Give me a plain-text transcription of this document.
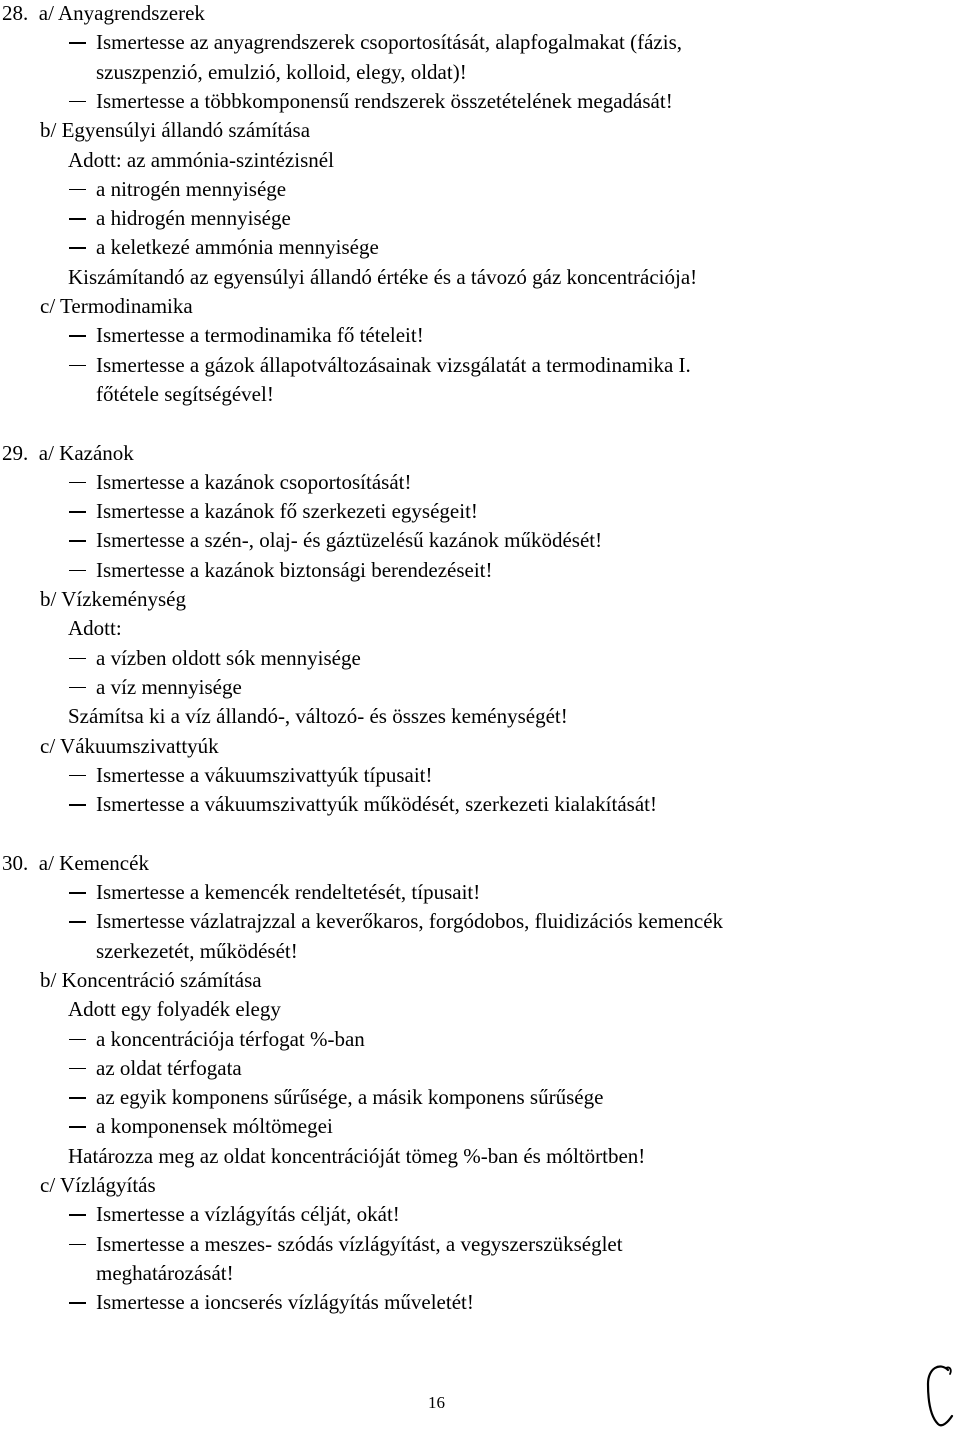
28.  a/ Anyagrendszerek
Ismertesse az anyagrendszerek csoportosítását, alapfogalmakat (fázis,
szuszpenzió, emulzió, kolloid, elegy, oldat)!
Ismertesse a többkomponensű rendszerek összetételének megadását!
b/ Egyensúlyi állandó számítása
Adott: az ammónia-szintézisnél
a nitrogén mennyisége
a hidrogén mennyisége
a keletkezé ammónia mennyisége
Kiszámítandó az egyensúlyi állandó értéke és a távozó gáz koncentrációja!
c/ Termodinamika
Ismertesse a termodinamika fő tételeit!
Ismertesse a gázok állapotváltozásainak vizsgálatát a termodinamika I.
főtétele segítségével!
29.  a/ Kazánok
Ismertesse a kazánok csoportosítását!
Ismertesse a kazánok fő szerkezeti egységeit!
Ismertesse a szén-, olaj- és gáztüzelésű kazánok működését!
Ismertesse a kazánok biztonsági berendezéseit!
b/ Vízkeménység
Adott:
a vízben oldott sók mennyisége
a víz mennyisége
Számítsa ki a víz állandó-, változó- és összes keménységét!
c/ Vákuumszivattyúk
Ismertesse a vákuumszivattyúk típusait!
Ismertesse a vákuumszivattyúk működését, szerkezeti kialakítását!
30.  a/ Kemencék
Ismertesse a kemencék rendeltetését, típusait!
Ismertesse vázlatrajzzal a keverőkaros, forgódobos, fluidizációs kemencék
szerkezetét, működését!
b/ Koncentráció számítása
Adott egy folyadék elegy
a koncentrációja térfogat %-ban
az oldat térfogata
az egyik komponens sűrűsége, a másik komponens sűrűsége
a komponensek móltömegei
Határozza meg az oldat koncentrációját tömeg %-ban és móltörtben!
c/ Vízlágyítás
Ismertesse a vízlágyítás célját, okát!
Ismertesse a meszes- szódás vízlágyítást, a vegyszerszükséglet
meghatározását!
Ismertesse a ioncserés vízlágyítás műveletét!
16
